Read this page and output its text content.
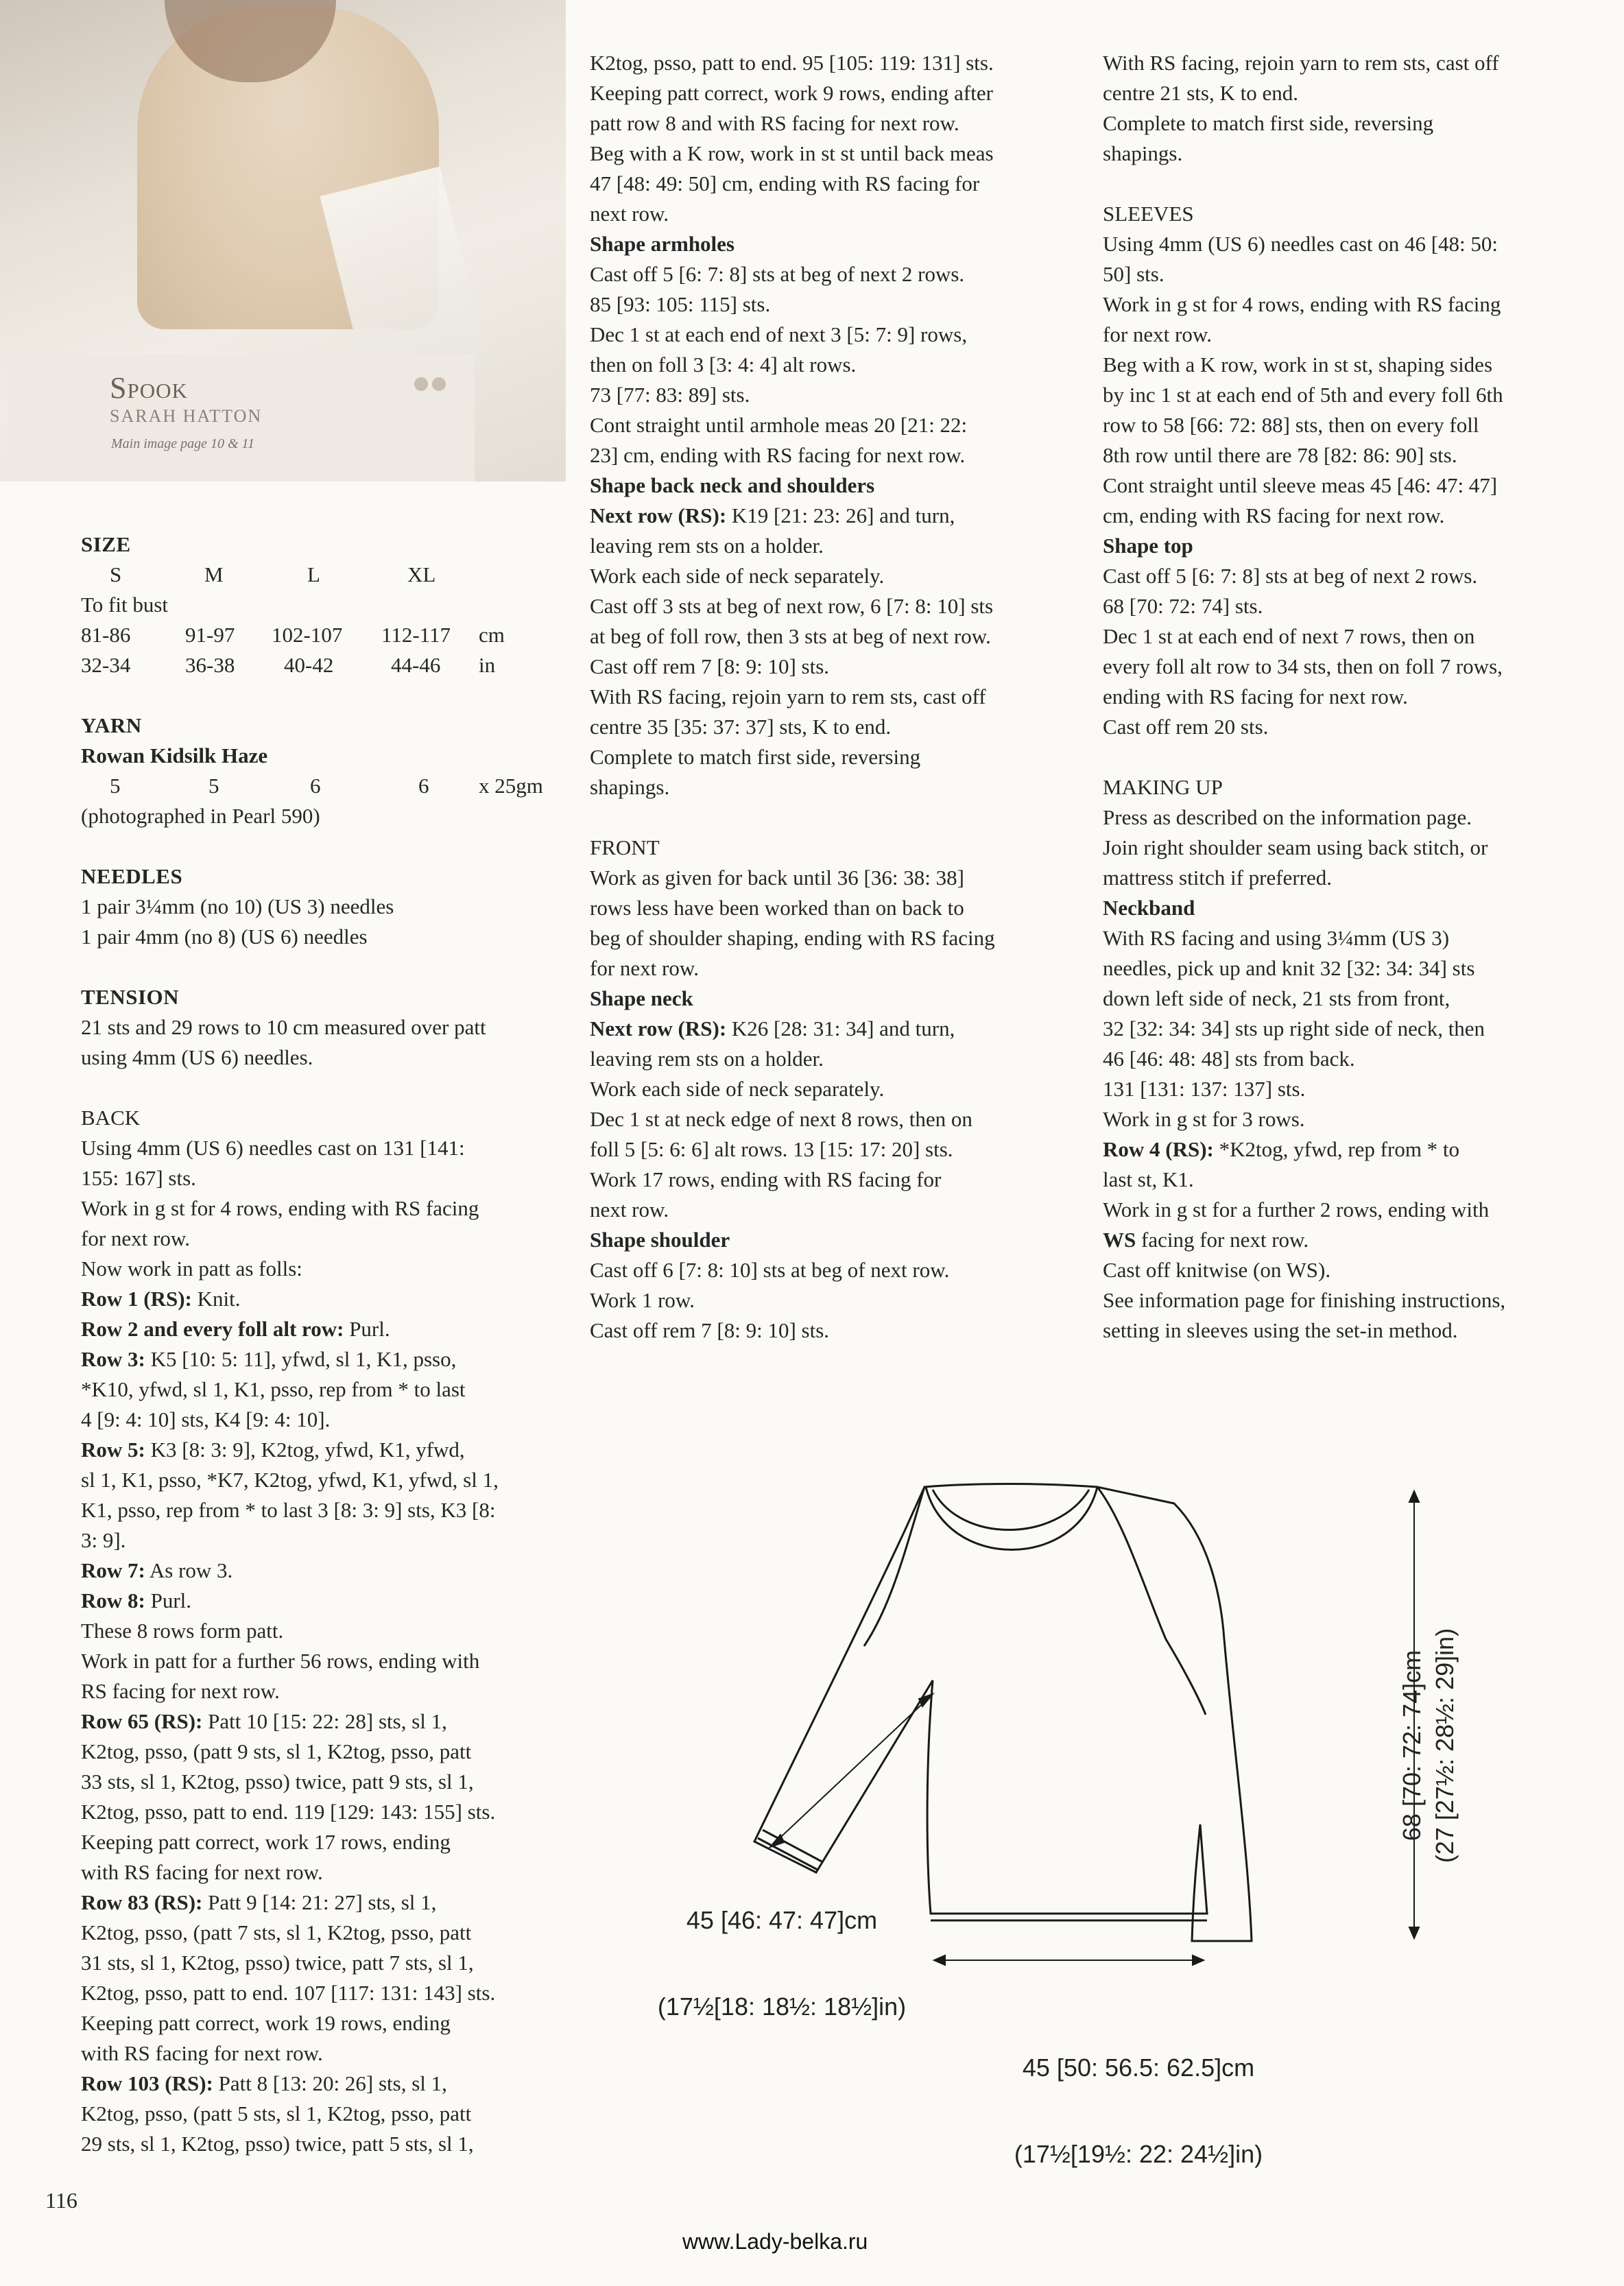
Spook
SARAH HATTON
Main image page 10 & 11

SIZE

S	M	L	XL
To fit bust
81-86	91-97 102-107 112-117 cm
32-34	36-38 40-42	44-46 in

YARN

Rowan Kidsilk Haze

5	5	6	6 x 25gm

(photographed in Pearl 590)

NEEDLES

1 pair 3¼mm (no 10) (US 3) needles

1 pair 4mm (no 8) (US 6) needles

TENSION

21 sts and 29 rows to 10 cm measured over patt

using 4mm (US 6) needles.

BACK

Using 4mm (US 6) needles cast on 131 [141:

155: 167] sts.

Work in g st for 4 rows, ending with RS facing

for next row.

Now work in patt as folls:

Row 1 (RS): Knit.

Row 2 and every foll alt row: Purl.

Row 3: K5 [10: 5: 11], yfwd, sl 1, K1, psso,

*K10, yfwd, sl 1, K1, psso, rep from * to last

4 [9: 4: 10] sts, K4 [9: 4: 10].

Row 5: K3 [8: 3: 9], K2tog, yfwd, K1, yfwd,

sl 1, K1, psso, *K7, K2tog, yfwd, K1, yfwd, sl 1,

K1, psso, rep from * to last 3 [8: 3: 9] sts, K3 [8:

3: 9].

Row 7: As row 3.

Row 8: Purl.

These 8 rows form patt.

Work in patt for a further 56 rows, ending with

RS facing for next row.

Row 65 (RS): Patt 10 [15: 22: 28] sts, sl 1,

K2tog, psso, (patt 9 sts, sl 1, K2tog, psso, patt

33 sts, sl 1, K2tog, psso) twice, patt 9 sts, sl 1,

K2tog, psso, patt to end. 119 [129: 143: 155] sts.

Keeping patt correct, work 17 rows, ending

with RS facing for next row.

Row 83 (RS): Patt 9 [14: 21: 27] sts, sl 1,

K2tog, psso, (patt 7 sts, sl 1, K2tog, psso, patt

31 sts, sl 1, K2tog, psso) twice, patt 7 sts, sl 1,

K2tog, psso, patt to end. 107 [117: 131: 143] sts.

Keeping patt correct, work 19 rows, ending

with RS facing for next row.

Row 103 (RS): Patt 8 [13: 20: 26] sts, sl 1,

K2tog, psso, (patt 5 sts, sl 1, K2tog, psso, patt

29 sts, sl 1, K2tog, psso) twice, patt 5 sts, sl 1,

K2tog, psso, patt to end. 95 [105: 119: 131] sts.

Keeping patt correct, work 9 rows, ending after

patt row 8 and with RS facing for next row.

Beg with a K row, work in st st until back meas

47 [48: 49: 50] cm, ending with RS facing for

next row.

Shape armholes

Cast off 5 [6: 7: 8] sts at beg of next 2 rows.

85 [93: 105: 115] sts.

Dec 1 st at each end of next 3 [5: 7: 9] rows,

then on foll 3 [3: 4: 4] alt rows.

73 [77: 83: 89] sts.

Cont straight until armhole meas 20 [21: 22:

23] cm, ending with RS facing for next row.

Shape back neck and shoulders

Next row (RS): K19 [21: 23: 26] and turn,

leaving rem sts on a holder.

Work each side of neck separately.

Cast off 3 sts at beg of next row, 6 [7: 8: 10] sts

at beg of foll row, then 3 sts at beg of next row.

Cast off rem 7 [8: 9: 10] sts.

With RS facing, rejoin yarn to rem sts, cast off

centre 35 [35: 37: 37] sts, K to end.

Complete to match first side, reversing

shapings.

FRONT

Work as given for back until 36 [36: 38: 38]

rows less have been worked than on back to

beg of shoulder shaping, ending with RS facing

for next row.

Shape neck

Next row (RS): K26 [28: 31: 34] and turn,

leaving rem sts on a holder.

Work each side of neck separately.

Dec 1 st at neck edge of next 8 rows, then on

foll 5 [5: 6: 6] alt rows. 13 [15: 17: 20] sts.

Work 17 rows, ending with RS facing for

next row.

Shape shoulder

Cast off 6 [7: 8: 10] sts at beg of next row.

Work 1 row.

Cast off rem 7 [8: 9: 10] sts.

With RS facing, rejoin yarn to rem sts, cast off

centre 21 sts, K to end.

Complete to match first side, reversing

shapings.

SLEEVES

Using 4mm (US 6) needles cast on 46 [48: 50:

50] sts.

Work in g st for 4 rows, ending with RS facing

for next row.

Beg with a K row, work in st st, shaping sides

by inc 1 st at each end of 5th and every foll 6th

row to 58 [66: 72: 88] sts, then on every foll

8th row until there are 78 [82: 86: 90] sts.

Cont straight until sleeve meas 45 [46: 47: 47]

cm, ending with RS facing for next row.

Shape top

Cast off 5 [6: 7: 8] sts at beg of next 2 rows.

68 [70: 72: 74] sts.

Dec 1 st at each end of next 7 rows, then on

every foll alt row to 34 sts, then on foll 7 rows,

ending with RS facing for next row.

Cast off rem 20 sts.

MAKING UP

Press as described on the information page.

Join right shoulder seam using back stitch, or

mattress stitch if preferred.

Neckband

With RS facing and using 3¼mm (US 3)

needles, pick up and knit 32 [32: 34: 34] sts

down left side of neck, 21 sts from front,

32 [32: 34: 34] sts up right side of neck, then

46 [46: 48: 48] sts from back.

131 [131: 137: 137] sts.

Work in g st for 3 rows.

Row 4 (RS): *K2tog, yfwd, rep from * to

last st, K1.

Work in g st for a further 2 rows, ending with

WS facing for next row.

Cast off knitwise (on WS).

See information page for finishing instructions,

setting in sleeves using the set-in method.

45 [46: 47: 47]cm

(17½[18: 18½: 18½]in)

45 [50: 56.5: 62.5]cm

(17½[19½: 22: 24½]in)

68 [70: 72: 74]cm (27 [27½: 28½: 29]in)
116
www.Lady-belka.ru
